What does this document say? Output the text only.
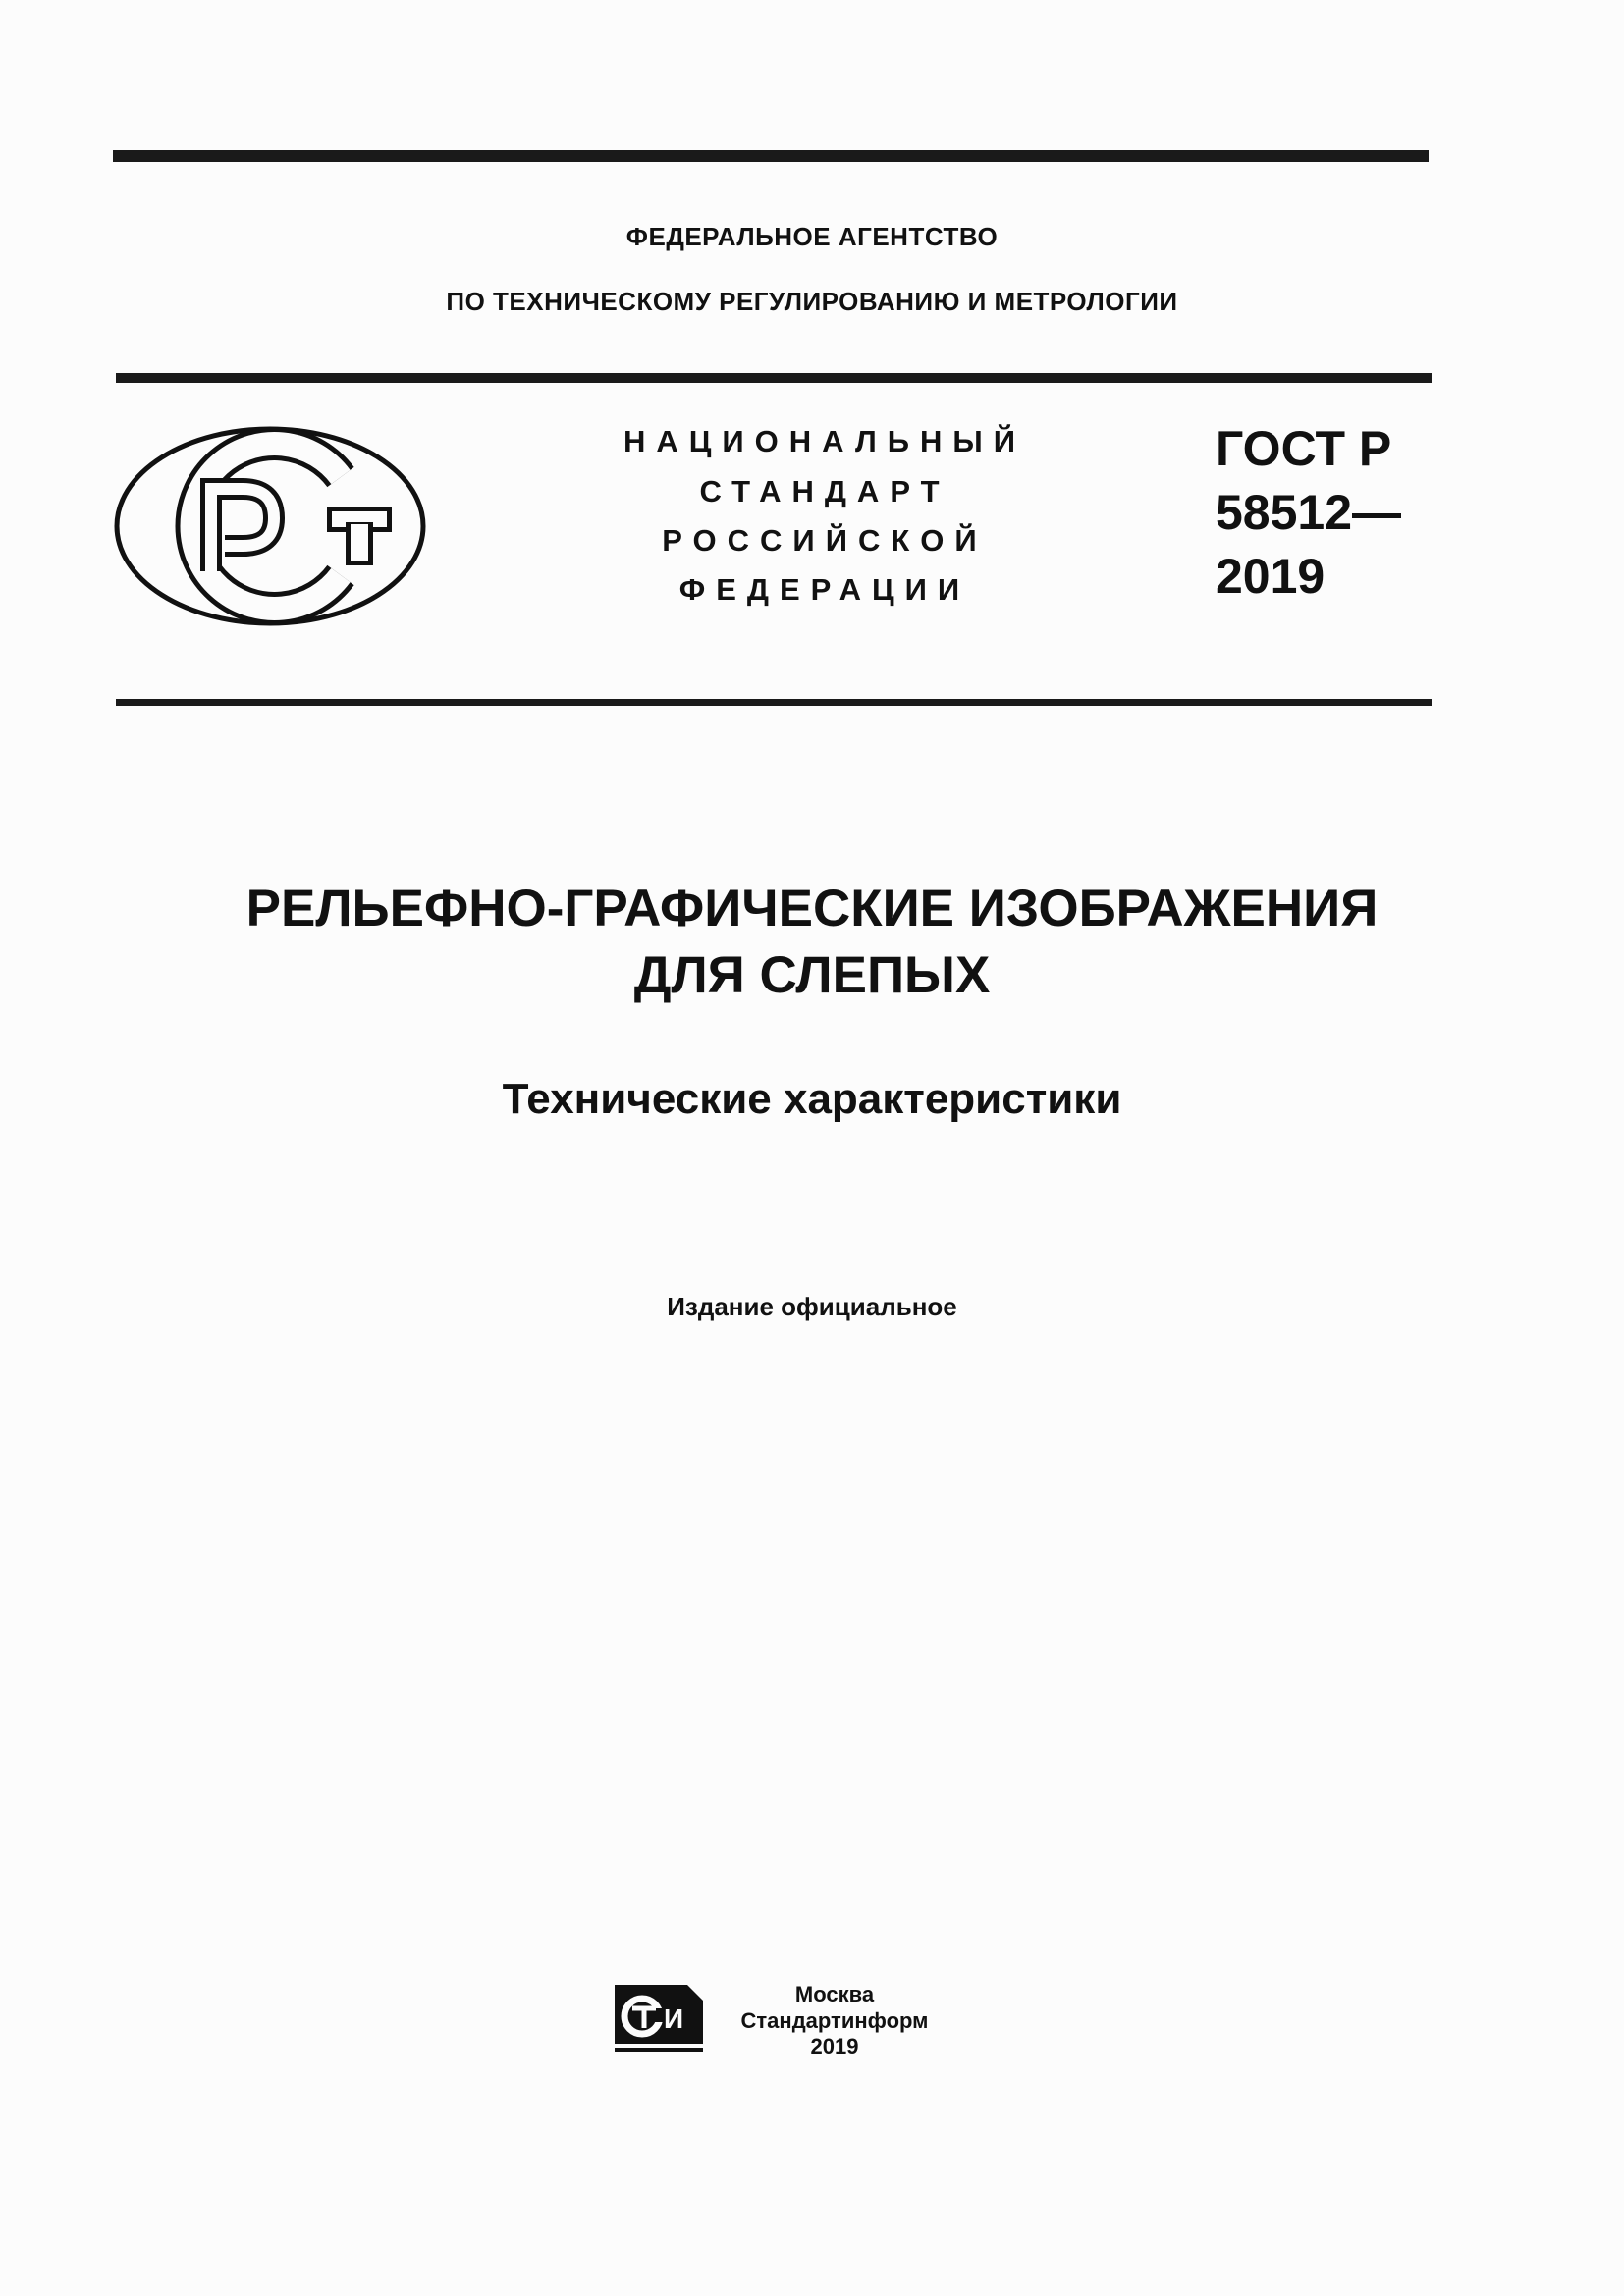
ФЕДЕРАЛЬНОЕ АГЕНТСТВО
ПО ТЕХНИЧЕСКОМУ РЕГУЛИРОВАНИЮ И МЕТРОЛОГИИ
НАЦИОНАЛЬНЫЙ
СТАНДАРТ
РОССИЙСКОЙ
ФЕДЕРАЦИИ
ГОСТ Р
58512—
2019
РЕЛЬЕФНО-ГРАФИЧЕСКИЕ ИЗОБРАЖЕНИЯ
ДЛЯ СЛЕПЫХ
Технические характеристики
Издание официальное
И
Москва
Стандартинформ
2019
